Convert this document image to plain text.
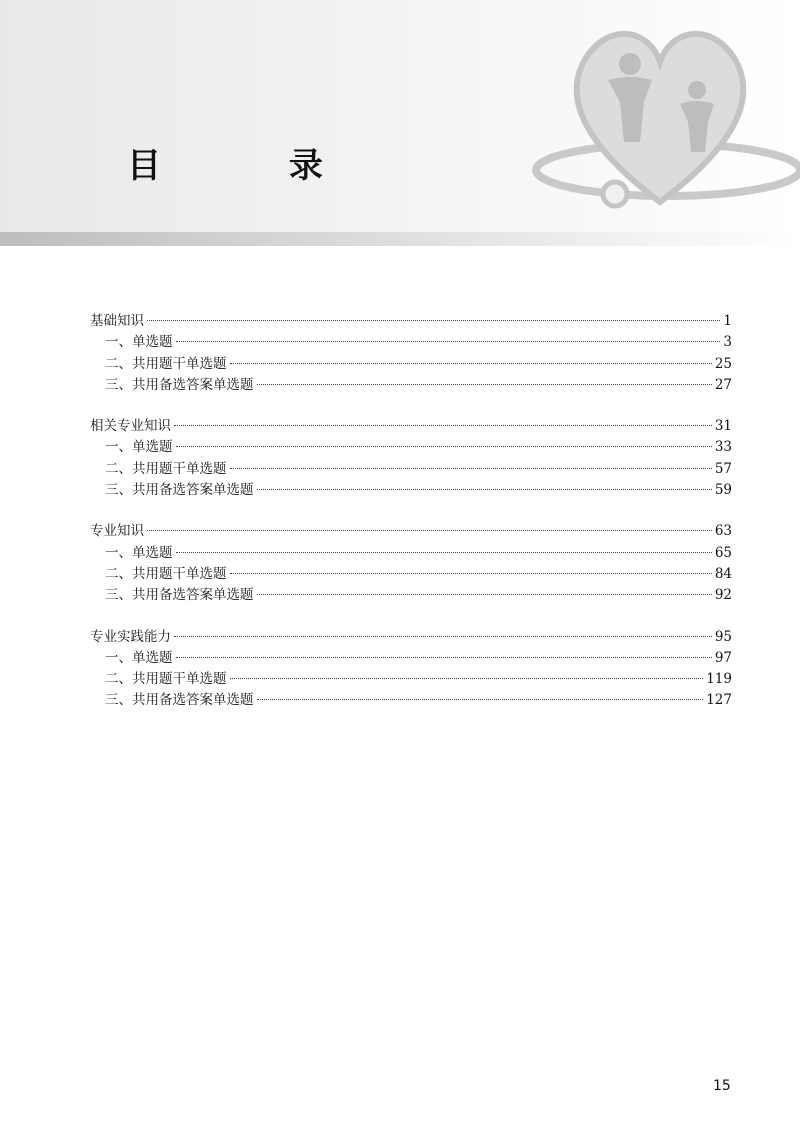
目 录
基础知识	1
一、单选题	3
二、共用题干单选题	25
三、共用备选答案单选题	27
相关专业知识	31
一、单选题	33
二、共用题干单选题	57
三、共用备选答案单选题	59
专业知识	63
一、单选题	65
二、共用题干单选题	84
三、共用备选答案单选题	92
专业实践能力	95
一、单选题	97
二、共用题干单选题	119
三、共用备选答案单选题	127
15
